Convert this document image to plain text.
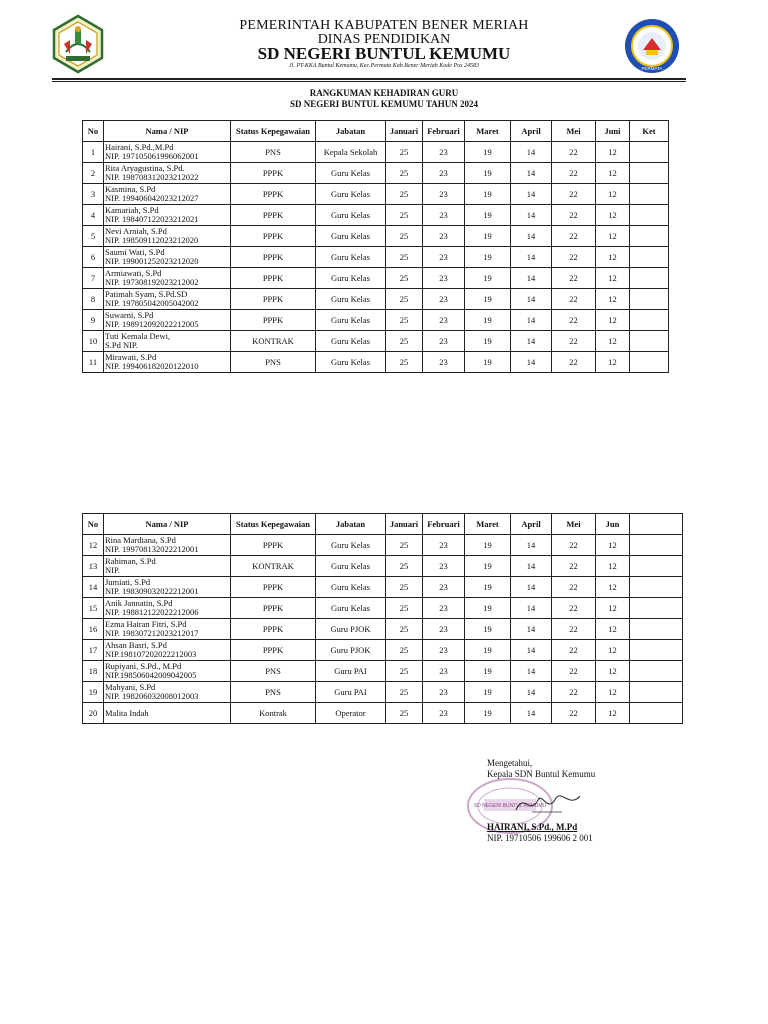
PERMATA
PEMERINTAH KABUPATEN BENER MERIAH
DINAS PENDIDIKAN
SD NEGERI BUNTUL KEMUMU
Jl. PT-KKA Buntul Kemumu, Kec.Permata Kab.Bener Meriah Kode Pos 24583
RANGKUMAN KEHADIRAN GURU
SD NEGERI BUNTUL KEMUMU TAHUN 2024
No	Nama / NIP	Status Kepegawaian	Jabatan	Januari	Februari	Maret	April	Mei	Juni	Ket
1	Hairani, S.Pd.,M.Pd
NIP. 197105061996062001	PNS	Kepala Sekolah	25	23	19	14	22	12	
2	Rita Aryagustina, S.Pd.
NIP. 198708312023212022	PPPK	Guru Kelas	25	23	19	14	22	12	
3	Kasmina, S.Pd
NIP. 199406042023212027	PPPK	Guru Kelas	25	23	19	14	22	12	
4	Kamariah, S.Pd
NIP. 198407122023212021	PPPK	Guru Kelas	25	23	19	14	22	12	
5	Nevi Arniah, S.Pd
NIP. 198509112023212020	PPPK	Guru Kelas	25	23	19	14	22	12	
6	Saumi Wati, S.Pd
NIP. 199001252023212020	PPPK	Guru Kelas	25	23	19	14	22	12	
7	Armiawati, S.Pd
NIP. 197308192023212002	PPPK	Guru Kelas	25	23	19	14	22	12	
8	Patimah Syam, S.Pd.SD
NIP. 197805042005042002	PPPK	Guru Kelas	25	23	19	14	22	12	
9	Suwarni, S.Pd
NIP. 198912092022212005	PPPK	Guru Kelas	25	23	19	14	22	12	
10	Tuti Kemala Dewi,
S.Pd NIP.	KONTRAK	Guru Kelas	25	23	19	14	22	12	
11	Mirawati, S.Pd
NIP. 199406182020122010	PNS	Guru Kelas	25	23	19	14	22	12	
No	Nama / NIP	Status Kepegawaian	Jabatan	Januari	Februari	Maret	April	Mei	Jun	
12	Rina Mardiana, S.Pd
NIP. 199708132022212001	PPPK	Guru Kelas	25	23	19	14	22	12	
13	Rahiman, S.Pd
NIP.	KONTRAK	Guru Kelas	25	23	19	14	22	12	
14	Jumiati, S.Pd
NIP. 198309032022212001	PPPK	Guru Kelas	25	23	19	14	22	12	
15	Anik Jannatin, S.Pd
NIP. 198812122022212006	PPPK	Guru Kelas	25	23	19	14	22	12	
16	Ezma Hairan Fitri, S.Pd
NIP. 198307212023212017	PPPK	Guru PJOK	25	23	19	14	22	12	
17	Ahsan Basri, S.Pd
NIP.198107202022212003	PPPK	Guru PJOK	25	23	19	14	22	12	
18	Rupiyani, S.Pd., M.Pd
NIP.198506042009042005	PNS	Guru PAI	25	23	19	14	22	12	
19	Mahyani, S.Pd
NIP. 198206032008012003	PNS	Guru PAI	25	23	19	14	22	12	
20	Malita Indah	Kontrak	Operator	25	23	19	14	22	12	
Mengetahui,
Kepala SDN Buntul Kemumu
SD NEGERI BUNTUL KEMUMU
HAIRANI, S.Pd., M.Pd
NIP. 19710506 199606 2 001
